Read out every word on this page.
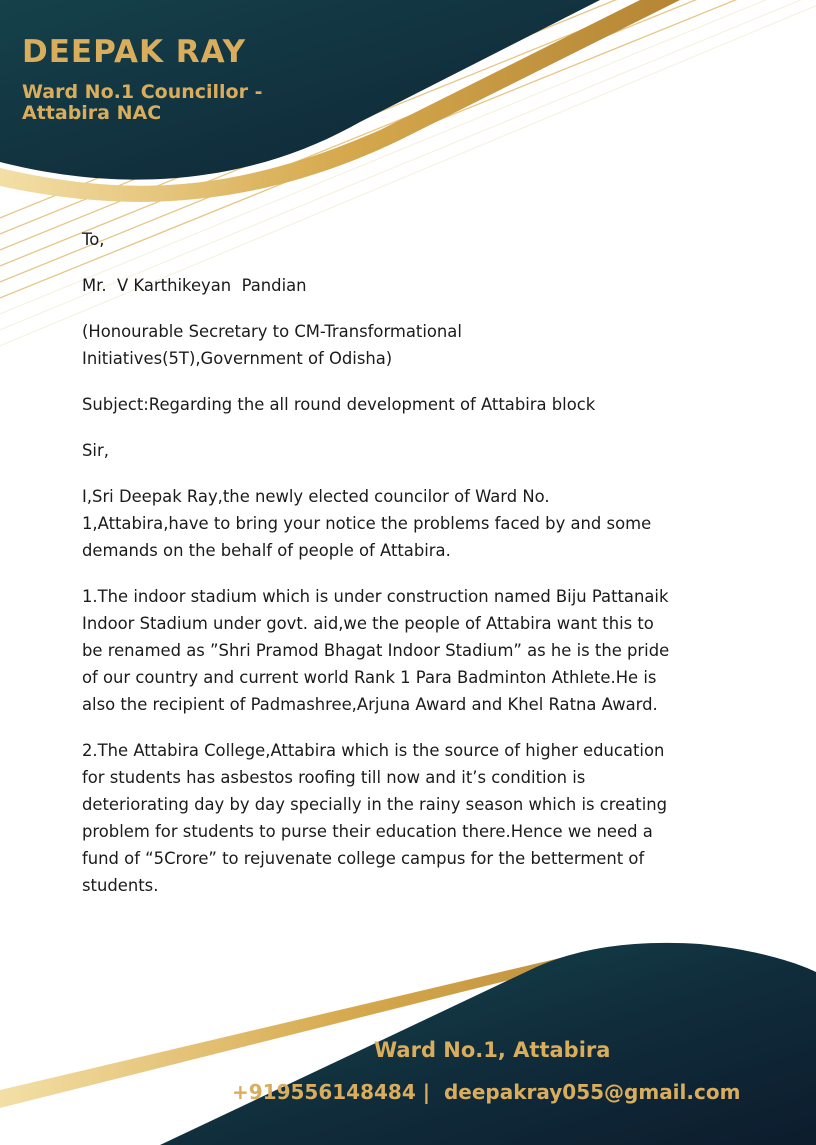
DEEPAK RAY
Ward No.1 Councillor - Attabira NAC

To,

Mr.  V Karthikeyan  Pandian

(Honourable Secretary to CM-Transformational
Initiatives(5T),Government of Odisha)

Subject:Regarding the all round development of Attabira block

Sir,

I,Sri Deepak Ray,the newly elected councilor of Ward No.
1,Attabira,have to bring your notice the problems faced by and some
demands on the behalf of people of Attabira.

1.The indoor stadium which is under construction named Biju Pattanaik
Indoor Stadium under govt. aid,we the people of Attabira want this to
be renamed as ”Shri Pramod Bhagat Indoor Stadium” as he is the pride
of our country and current world Rank 1 Para Badminton Athlete.He is
also the recipient of Padmashree,Arjuna Award and Khel Ratna Award.

2.The Attabira College,Attabira which is the source of higher education
for students has asbestos roofing till now and it’s condition is
deteriorating day by day specially in the rainy season which is creating
problem for students to purse their education there.Hence we need a
fund of “5Crore” to rejuvenate college campus for the betterment of
students.

Ward No.1, Attabira

+919556148484 |  deepakray055@gmail.com
